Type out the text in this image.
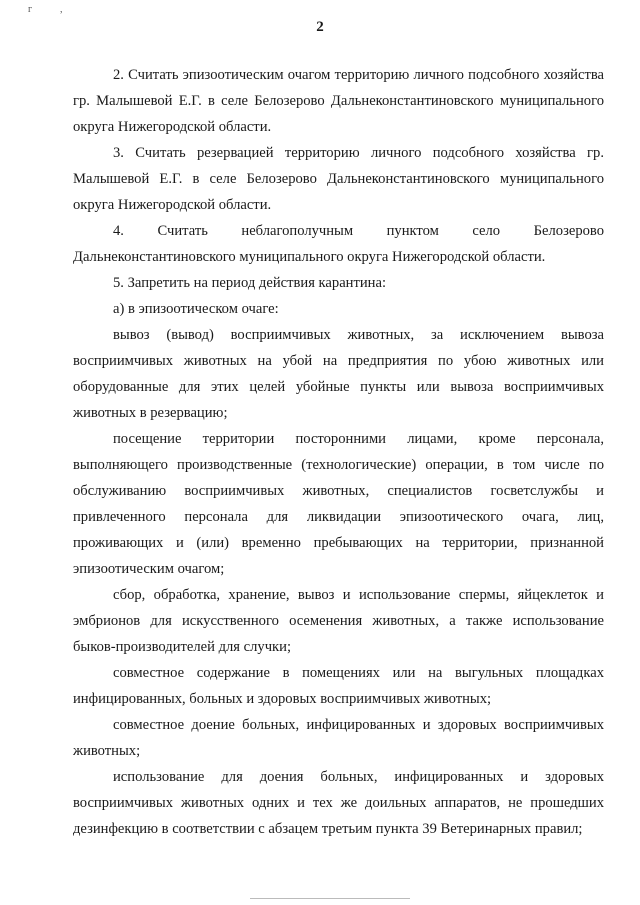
г	,
2

2. Считать эпизоотическим очагом территорию личного подсобного хозяйства гр. Малышевой Е.Г. в селе Белозерово Дальнеконстантиновского муниципального округа Нижегородской области.

3. Считать резервацией территорию личного подсобного хозяйства гр. Малышевой Е.Г. в селе Белозерово Дальнеконстантиновского муниципального округа Нижегородской области.

4. Считать неблагополучным пунктом село Белозерово Дальнеконстантиновского муниципального округа Нижегородской области.

5. Запретить на период действия карантина:

а) в эпизоотическом очаге:

вывоз (вывод) восприимчивых животных, за исключением вывоза восприимчивых животных на убой на предприятия по убою животных или оборудованные для этих целей убойные пункты или вывоза восприимчивых животных в резервацию;

посещение территории посторонними лицами, кроме персонала, выполняющего производственные (технологические) операции, в том числе по обслуживанию восприимчивых животных, специалистов госветслужбы и привлеченного персонала для ликвидации эпизоотического очага, лиц, проживающих и (или) временно пребывающих на территории, признанной эпизоотическим очагом;

сбор, обработка, хранение, вывоз и использование спермы, яйцеклеток и эмбрионов для искусственного осеменения животных, а также использование быков-производителей для случки;

совместное содержание в помещениях или на выгульных площадках инфицированных, больных и здоровых восприимчивых животных;

совместное доение больных, инфицированных и здоровых восприимчивых животных;

использование для доения больных, инфицированных и здоровых восприимчивых животных одних и тех же доильных аппаратов, не прошедших дезинфекцию в соответствии с абзацем третьим пункта 39 Ветеринарных правил;
